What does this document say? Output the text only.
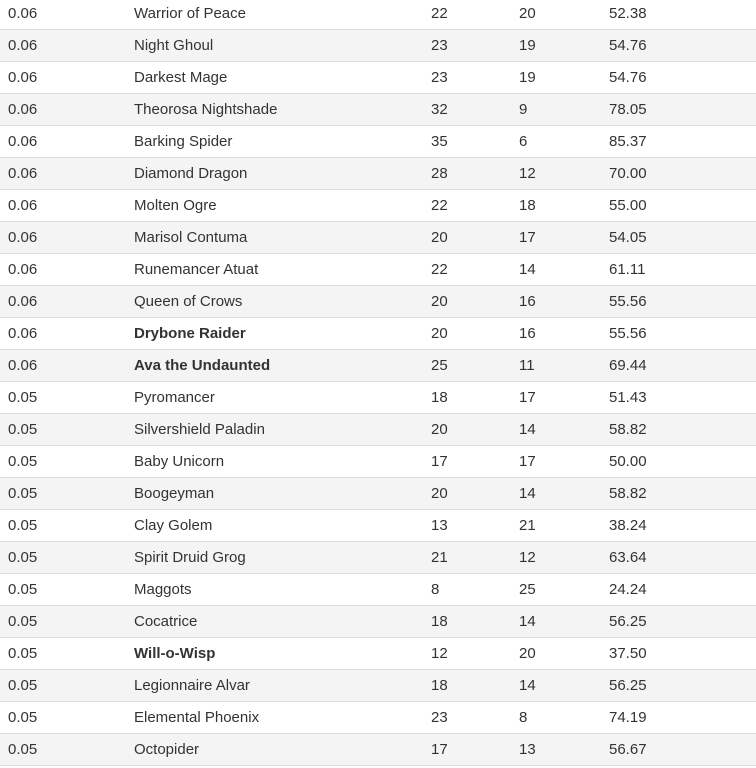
0.06	Warrior of Peace	22	20	52.38
0.06	Night Ghoul	23	19	54.76
0.06	Darkest Mage	23	19	54.76
0.06	Theorosa Nightshade	32	9	78.05
0.06	Barking Spider	35	6	85.37
0.06	Diamond Dragon	28	12	70.00
0.06	Molten Ogre	22	18	55.00
0.06	Marisol Contuma	20	17	54.05
0.06	Runemancer Atuat	22	14	61.11
0.06	Queen of Crows	20	16	55.56
0.06	Drybone Raider	20	16	55.56
0.06	Ava the Undaunted	25	11	69.44
0.05	Pyromancer	18	17	51.43
0.05	Silvershield Paladin	20	14	58.82
0.05	Baby Unicorn	17	17	50.00
0.05	Boogeyman	20	14	58.82
0.05	Clay Golem	13	21	38.24
0.05	Spirit Druid Grog	21	12	63.64
0.05	Maggots	8	25	24.24
0.05	Cocatrice	18	14	56.25
0.05	Will-o-Wisp	12	20	37.50
0.05	Legionnaire Alvar	18	14	56.25
0.05	Elemental Phoenix	23	8	74.19
0.05	Octopider	17	13	56.67
